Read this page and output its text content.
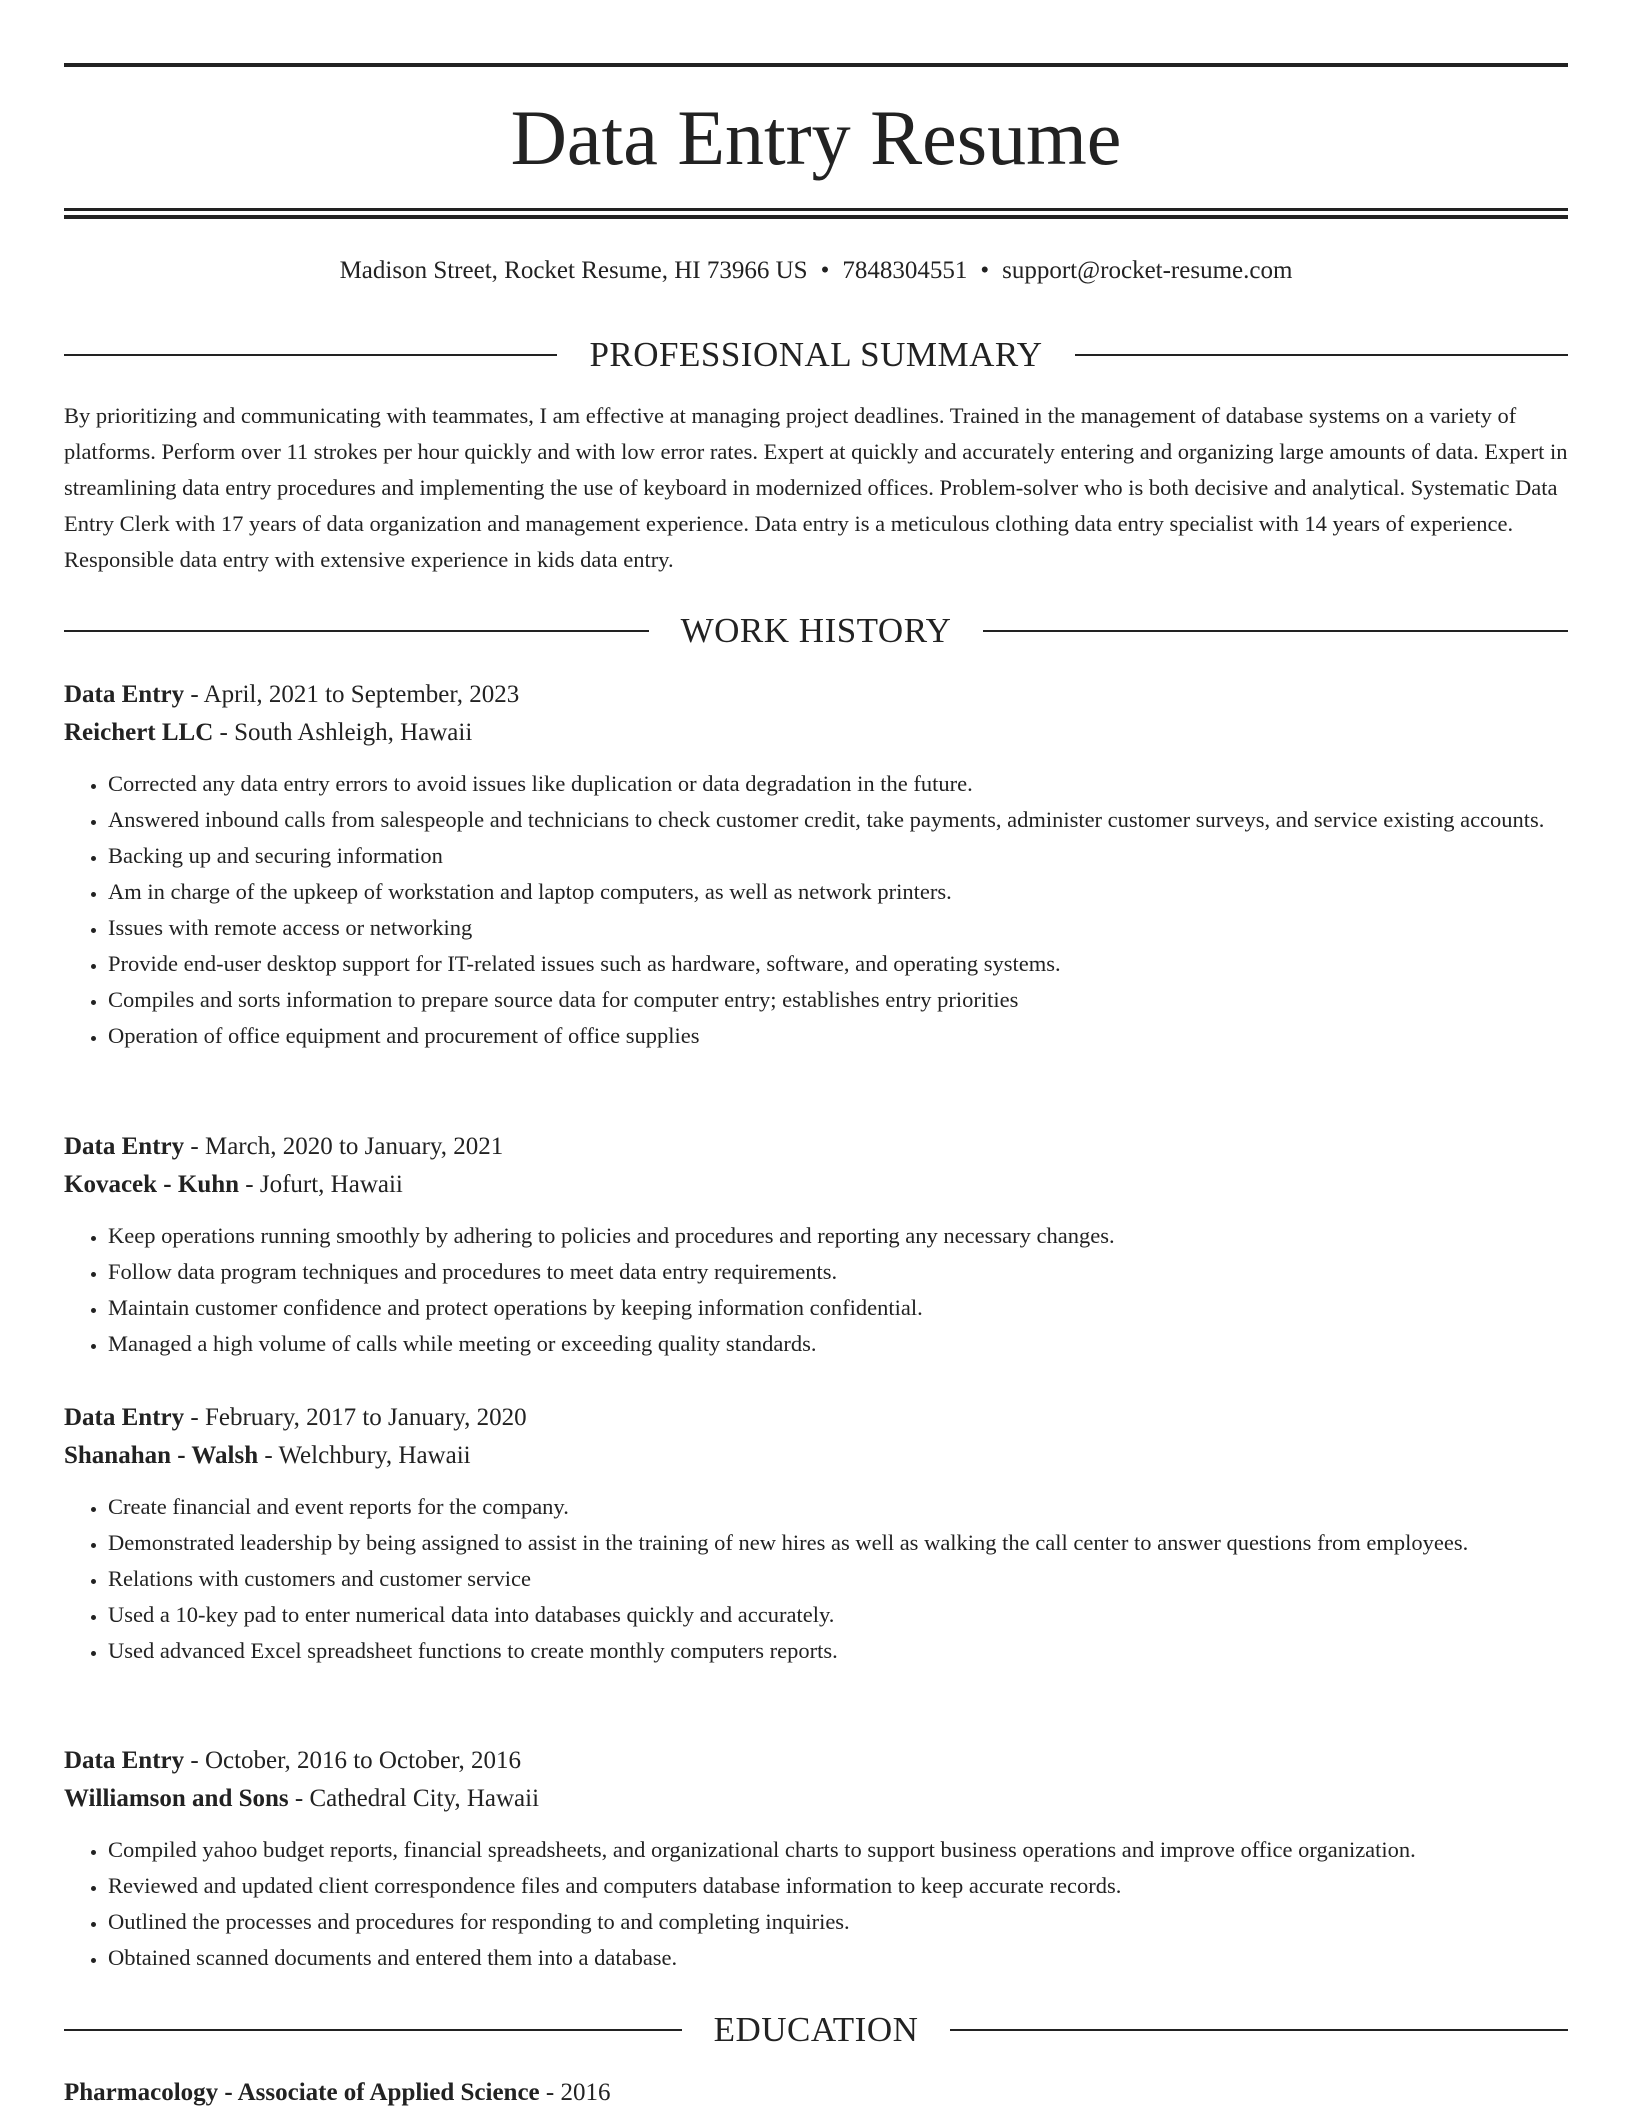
Data Entry Resume
Madison Street, Rocket Resume, HI 73966 US • 7848304551 • support@rocket-resume.com
PROFESSIONAL SUMMARY

By prioritizing and communicating with teammates, I am effective at managing project deadlines. Trained in the management of database systems on a variety of platforms. Perform over 11 strokes per hour quickly and with low error rates. Expert at quickly and accurately entering and organizing large amounts of data. Expert in streamlining data entry procedures and implementing the use of keyboard in modernized offices. Problem-solver who is both decisive and analytical. Systematic Data Entry Clerk with 17 years of data organization and management experience. Data entry is a meticulous clothing data entry specialist with 14 years of experience. Responsible data entry with extensive experience in kids data entry.

WORK HISTORY

Data Entry - April, 2021 to September, 2023

Reichert LLC - South Ashleigh, Hawaii

• Corrected any data entry errors to avoid issues like duplication or data degradation in the future.
• Answered inbound calls from salespeople and technicians to check customer credit, take payments, administer customer surveys, and service existing accounts.
• Backing up and securing information
• Am in charge of the upkeep of workstation and laptop computers, as well as network printers.
• Issues with remote access or networking
• Provide end-user desktop support for IT-related issues such as hardware, software, and operating systems.
• Compiles and sorts information to prepare source data for computer entry; establishes entry priorities
• Operation of office equipment and procurement of office supplies

Data Entry - March, 2020 to January, 2021

Kovacek - Kuhn - Jofurt, Hawaii

• Keep operations running smoothly by adhering to policies and procedures and reporting any necessary changes.
• Follow data program techniques and procedures to meet data entry requirements.
• Maintain customer confidence and protect operations by keeping information confidential.
• Managed a high volume of calls while meeting or exceeding quality standards.

Data Entry - February, 2017 to January, 2020

Shanahan - Walsh - Welchbury, Hawaii

• Create financial and event reports for the company.
• Demonstrated leadership by being assigned to assist in the training of new hires as well as walking the call center to answer questions from employees.
• Relations with customers and customer service
• Used a 10-key pad to enter numerical data into databases quickly and accurately.
• Used advanced Excel spreadsheet functions to create monthly computers reports.

Data Entry - October, 2016 to October, 2016

Williamson and Sons - Cathedral City, Hawaii

• Compiled yahoo budget reports, financial spreadsheets, and organizational charts to support business operations and improve office organization.
• Reviewed and updated client correspondence files and computers database information to keep accurate records.
• Outlined the processes and procedures for responding to and completing inquiries.
• Obtained scanned documents and entered them into a database.
EDUCATION

Pharmacology - Associate of Applied Science - 2016
